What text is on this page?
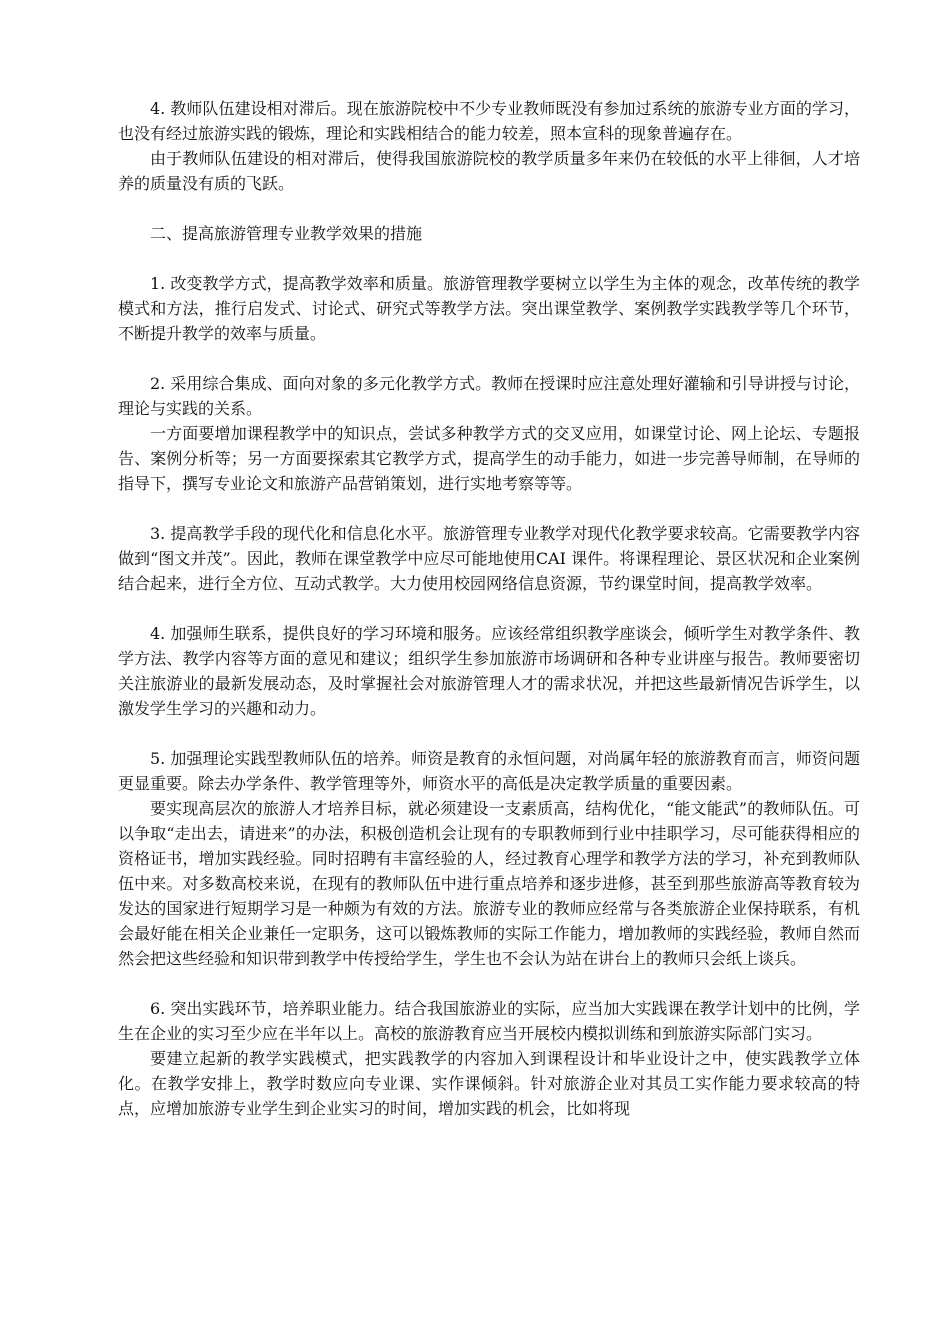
4. 教师队伍建设相对滞后。现在旅游院校中不少专业教师既没有参加过系统的旅游专业方面的学习，也没有经过旅游实践的锻炼，理论和实践相结合的能力较差，照本宣科的现象普遍存在。

由于教师队伍建设的相对滞后，使得我国旅游院校的教学质量多年来仍在较低的水平上徘徊，人才培养的质量没有质的飞跃。

二、提高旅游管理专业教学效果的措施

1. 改变教学方式，提高教学效率和质量。旅游管理教学要树立以学生为主体的观念，改革传统的教学模式和方法，推行启发式、讨论式、研究式等教学方法。突出课堂教学、案例教学实践教学等几个环节，不断提升教学的效率与质量。

2. 采用综合集成、面向对象的多元化教学方式。教师在授课时应注意处理好灌输和引导讲授与讨论，理论与实践的关系。

一方面要增加课程教学中的知识点，尝试多种教学方式的交叉应用，如课堂讨论、网上论坛、专题报告、案例分析等；另一方面要探索其它教学方式，提高学生的动手能力，如进一步完善导师制，在导师的指导下，撰写专业论文和旅游产品营销策划，进行实地考察等等。

3. 提高教学手段的现代化和信息化水平。旅游管理专业教学对现代化教学要求较高。它需要教学内容做到“图文并茂”。因此，教师在课堂教学中应尽可能地使用CAI 课件。将课程理论、景区状况和企业案例结合起来，进行全方位、互动式教学。大力使用校园网络信息资源，节约课堂时间，提高教学效率。

4. 加强师生联系，提供良好的学习环境和服务。应该经常组织教学座谈会，倾听学生对教学条件、教学方法、教学内容等方面的意见和建议；组织学生参加旅游市场调研和各种专业讲座与报告。教师要密切关注旅游业的最新发展动态，及时掌握社会对旅游管理人才的需求状况，并把这些最新情况告诉学生，以激发学生学习的兴趣和动力。

5. 加强理论实践型教师队伍的培养。师资是教育的永恒问题，对尚属年轻的旅游教育而言，师资问题更显重要。除去办学条件、教学管理等外，师资水平的高低是决定教学质量的重要因素。

要实现高层次的旅游人才培养目标，就必须建设一支素质高，结构优化，“能文能武”的教师队伍。可以争取“走出去，请进来”的办法，积极创造机会让现有的专职教师到行业中挂职学习，尽可能获得相应的资格证书，增加实践经验。同时招聘有丰富经验的人，经过教育心理学和教学方法的学习，补充到教师队伍中来。对多数高校来说，在现有的教师队伍中进行重点培养和逐步进修，甚至到那些旅游高等教育较为发达的国家进行短期学习是一种颇为有效的方法。旅游专业的教师应经常与各类旅游企业保持联系，有机会最好能在相关企业兼任一定职务，这可以锻炼教师的实际工作能力，增加教师的实践经验，教师自然而然会把这些经验和知识带到教学中传授给学生，学生也不会认为站在讲台上的教师只会纸上谈兵。

6. 突出实践环节，培养职业能力。结合我国旅游业的实际，应当加大实践课在教学计划中的比例，学生在企业的实习至少应在半年以上。高校的旅游教育应当开展校内模拟训练和到旅游实际部门实习。

要建立起新的教学实践模式，把实践教学的内容加入到课程设计和毕业设计之中，使实践教学立体化。在教学安排上，教学时数应向专业课、实作课倾斜。针对旅游企业对其员工实作能力要求较高的特点，应增加旅游专业学生到企业实习的时间，增加实践的机会，比如将现
